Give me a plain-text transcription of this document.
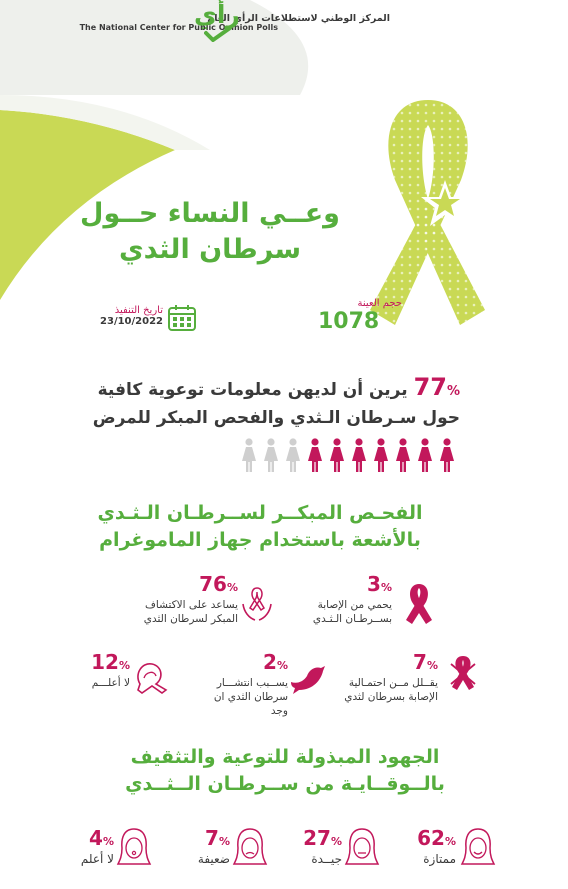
المركز الوطني لاستطلاعات الرأي العام
The National Center for Public Opinion Polls
رأي
وعــي النساء حــول
سرطان الثدي
حجم العينة
1078
تاريخ التنفيذ
23/10/2022
77% يرين أن لديهن معلومات توعوية كافية
حول سـرطان الـثدي والفحص المبكر للمرض
الفحـص المبكــر لســرطـان الـثـدي
بالأشعة باستخدام جهاز الماموغرام
3%
يحمي من الإصابة
بســرطـان الـثـدي
76%
يساعد على الاكتشاف
المبكر لسرطان الثدي
7%
يقــلل مــن احتمـالية
الإصابة بسرطان لثدي
2%
يســبب انتشـــار
سرطان الثدي ان وجد
12%
لا أعلـــم
الجهود المبذولة للتوعية والتثقيف
بالــوقــايـة من ســرطـان الــثــدي
62%
ممتازة
27%
جيــدة
7%
ضعيفة
4%
لا أعلم
